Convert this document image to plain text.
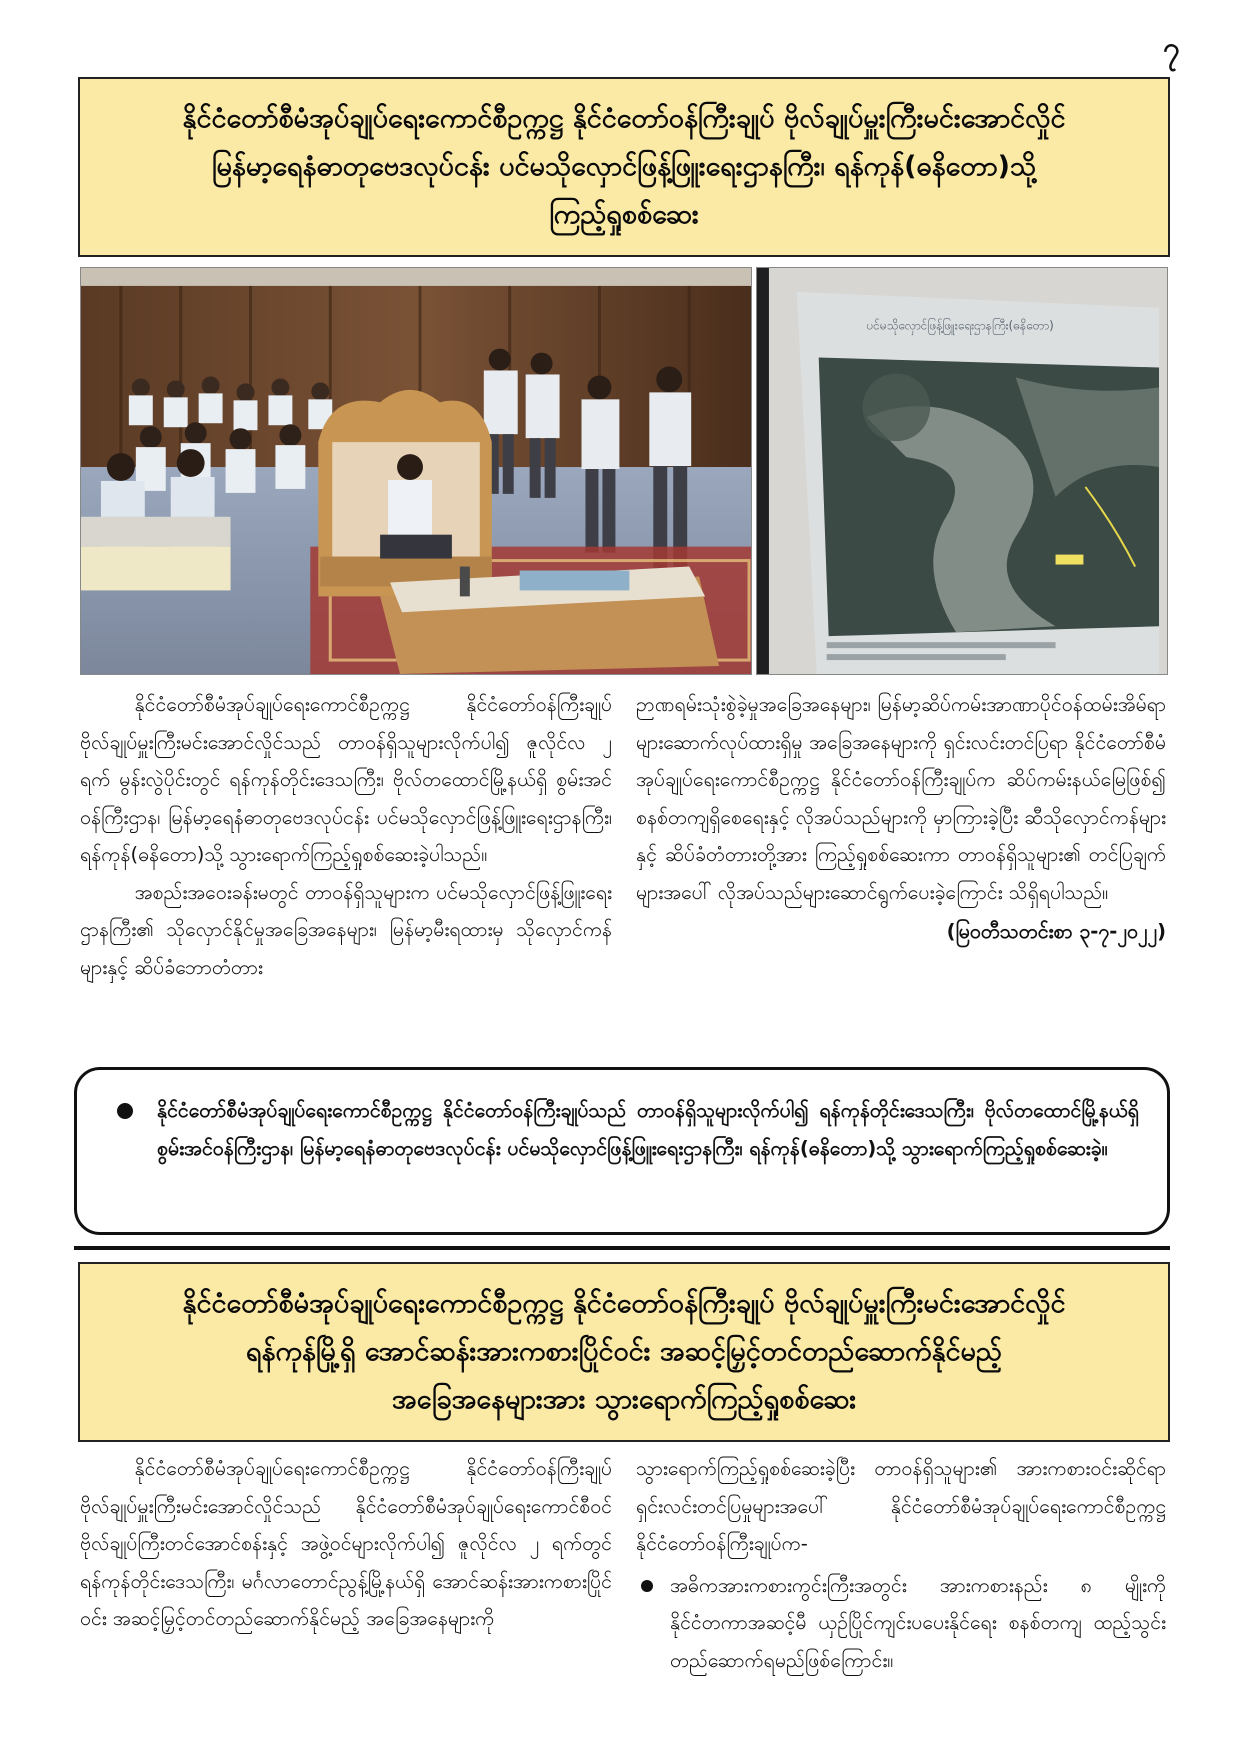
၇
နိုင်ငံတော်စီမံအုပ်ချုပ်ရေးကောင်စီဥက္ကဋ္ဌ နိုင်ငံတော်ဝန်ကြီးချုပ် ဗိုလ်ချုပ်မှူးကြီးမင်းအောင်လှိုင်
မြန်မာ့ရေနံဓာတုဗေဒလုပ်ငန်း ပင်မသိုလှောင်ဖြန့်ဖြူးရေးဌာနကြီး၊ ရန်ကုန်(ဓနိတော)သို့
ကြည့်ရှုစစ်ဆေး
ပင်မသိုလှောင်ဖြန့်ဖြူးရေးဌာနကြီး(ဓနိတော)

နိုင်ငံတော်စီမံအုပ်ချုပ်ရေးကောင်စီဥက္ကဋ္ဌ နိုင်ငံတော်ဝန်ကြီးချုပ် ဗိုလ်ချုပ်မှူးကြီးမင်းအောင်လှိုင်သည် တာဝန်ရှိသူများလိုက်ပါ၍ ဇူလိုင်လ ၂ ရက် မွန်းလွဲပိုင်းတွင် ရန်ကုန်တိုင်းဒေသကြီး၊ ဗိုလ်တထောင်မြို့နယ်ရှိ စွမ်းအင်ဝန်ကြီးဌာန၊ မြန်မာ့ရေနံဓာတုဗေဒလုပ်ငန်း ပင်မသိုလှောင်ဖြန့်ဖြူးရေးဌာနကြီး၊ ရန်ကုန်(ဓနိတော)သို့ သွားရောက်ကြည့်ရှုစစ်ဆေးခဲ့ပါသည်။

အစည်းအဝေးခန်းမတွင် တာဝန်ရှိသူများက ပင်မသိုလှောင်ဖြန့်ဖြူးရေးဌာနကြီး၏ သိုလှောင်နိုင်မှုအခြေအနေများ၊ မြန်မာ့မီးရထားမှ သိုလှောင်ကန်များနှင့် ဆိပ်ခံဘောတံတား

ဉာဏရမ်းသုံးစွဲခဲ့မှုအခြေအနေများ၊ မြန်မာ့ဆိပ်ကမ်းအာဏာပိုင်ဝန်ထမ်းအိမ်ရာများဆောက်လုပ်ထားရှိမှု အခြေအနေများကို ရှင်းလင်းတင်ပြရာ နိုင်ငံတော်စီမံအုပ်ချုပ်ရေးကောင်စီဥက္ကဋ္ဌ နိုင်ငံတော်ဝန်ကြီးချုပ်က ဆိပ်ကမ်းနယ်မြေဖြစ်၍ စနစ်တကျရှိစေရေးနှင့် လိုအပ်သည်များကို မှာကြားခဲ့ပြီး ဆီသိုလှောင်ကန်များနှင့် ဆိပ်ခံတံတားတို့အား ကြည့်ရှုစစ်ဆေးကာ တာဝန်ရှိသူများ၏ တင်ပြချက်များအပေါ် လိုအပ်သည်များဆောင်ရွက်ပေးခဲ့ကြောင်း သိရှိရပါသည်။

(မြဝတီသတင်းစာ ၃-၇-၂၀၂၂)
နိုင်ငံတော်စီမံအုပ်ချုပ်ရေးကောင်စီဥက္ကဋ္ဌ နိုင်ငံတော်ဝန်ကြီးချုပ်သည် တာဝန်ရှိသူများလိုက်ပါ၍ ရန်ကုန်တိုင်းဒေသကြီး၊ ဗိုလ်တထောင်မြို့နယ်ရှိ စွမ်းအင်ဝန်ကြီးဌာန၊ မြန်မာ့ရေနံဓာတုဗေဒလုပ်ငန်း ပင်မသိုလှောင်ဖြန့်ဖြူးရေးဌာနကြီး၊ ရန်ကုန်(ဓနိတော)သို့ သွားရောက်ကြည့်ရှုစစ်ဆေးခဲ့။
နိုင်ငံတော်စီမံအုပ်ချုပ်ရေးကောင်စီဥက္ကဋ္ဌ နိုင်ငံတော်ဝန်ကြီးချုပ် ဗိုလ်ချုပ်မှူးကြီးမင်းအောင်လှိုင်
ရန်ကုန်မြို့ရှိ အောင်ဆန်းအားကစားပြိုင်ဝင်း အဆင့်မြှင့်တင်တည်ဆောက်နိုင်မည့်
အခြေအနေများအား သွားရောက်ကြည့်ရှုစစ်ဆေး

နိုင်ငံတော်စီမံအုပ်ချုပ်ရေးကောင်စီဥက္ကဋ္ဌ နိုင်ငံတော်ဝန်ကြီးချုပ် ဗိုလ်ချုပ်မှူးကြီးမင်းအောင်လှိုင်သည် နိုင်ငံတော်စီမံအုပ်ချုပ်ရေးကောင်စီဝင် ဗိုလ်ချုပ်ကြီးတင်အောင်စန်းနှင့် အဖွဲ့ဝင်များလိုက်ပါ၍ ဇူလိုင်လ ၂ ရက်တွင် ရန်ကုန်တိုင်းဒေသကြီး၊ မင်္ဂလာတောင်ညွန့်မြို့နယ်ရှိ အောင်ဆန်းအားကစားပြိုင်ဝင်း အဆင့်မြှင့်တင်တည်ဆောက်နိုင်မည့် အခြေအနေများကို

သွားရောက်ကြည့်ရှုစစ်ဆေးခဲ့ပြီး တာဝန်ရှိသူများ၏ အားကစားဝင်းဆိုင်ရာ ရှင်းလင်းတင်ပြမှုများအပေါ် နိုင်ငံတော်စီမံအုပ်ချုပ်ရေးကောင်စီဥက္ကဋ္ဌ နိုင်ငံတော်ဝန်ကြီးချုပ်က-

အဓိကအားကစားကွင်းကြီးအတွင်း အားကစားနည်း ၈ မျိုးကို နိုင်ငံတကာအဆင့်မီ ယှဉ်ပြိုင်ကျင်းပပေးနိုင်ရေး စနစ်တကျ ထည့်သွင်းတည်ဆောက်ရမည်ဖြစ်ကြောင်း။
